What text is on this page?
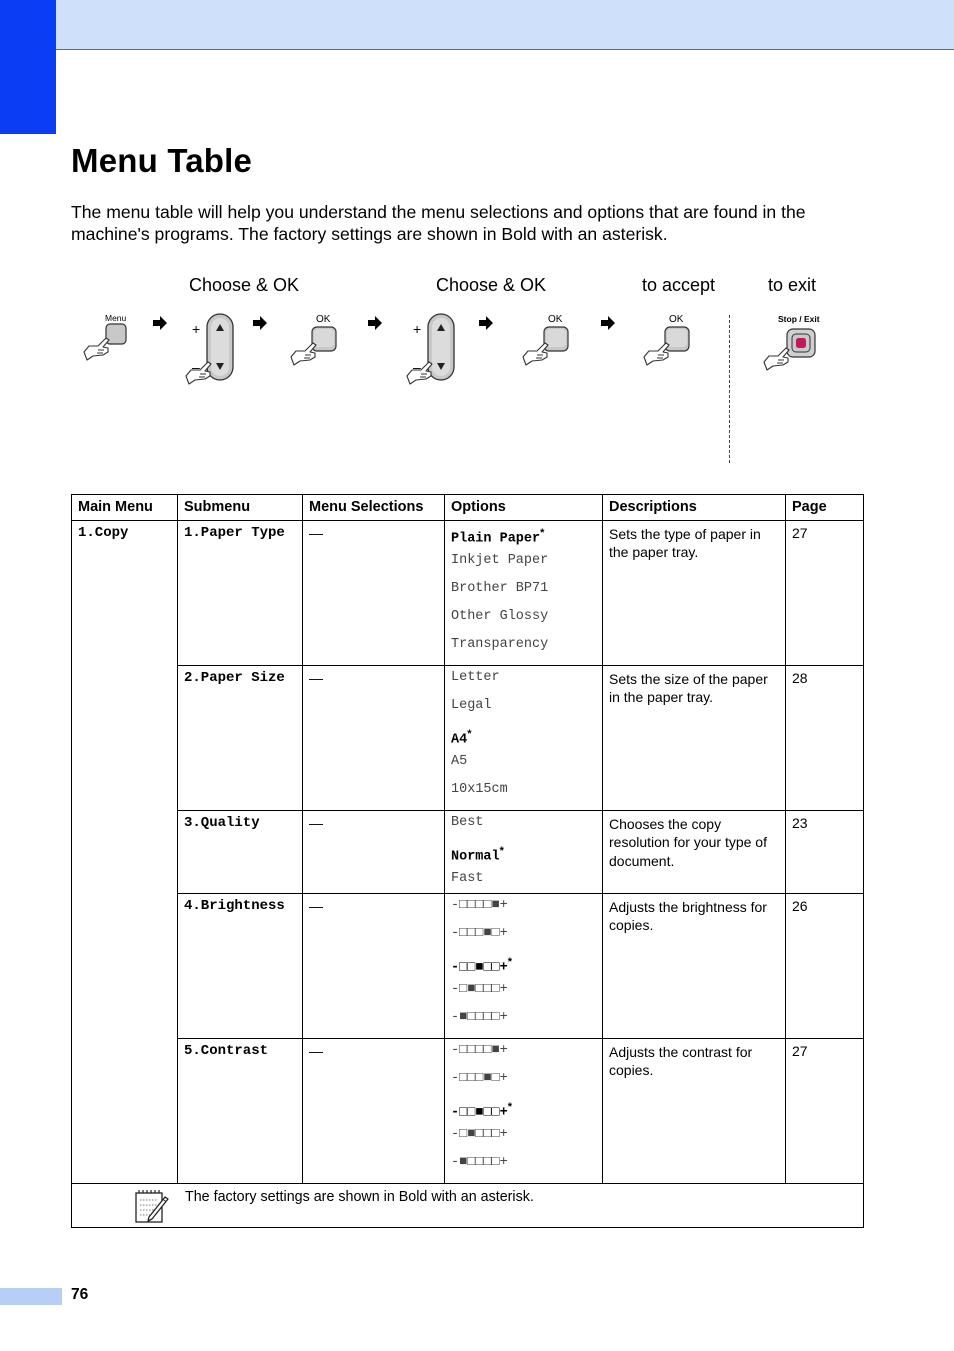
Menu Table

The menu table will help you understand the menu selections and options that are found in the machine's programs. The factory settings are shown in Bold with an asterisk.

Choose & OK	Choose & OK	to accept	to exit
Menu
+
–
OK
+
–
OK	OK	Stop / Exit
Main Menu	Submenu	Menu Selections	Options	Descriptions	Page
1.Copy	1.Paper Type	—	Plain Paper*
Inkjet Paper
Brother BP71
Other Glossy
Transparency	Sets the type of paper in the paper tray.	27
	2.Paper Size	—	Letter
Legal
A4*
A5
10x15cm	Sets the size of the paper in the paper tray.	28
	3.Quality	—	Best
Normal*
Fast	Chooses the copy resolution for your type of document.	23
	4.Brightness	—	-□□□□■+
-□□□■□+
-□□■□□+*
-□■□□□+
-■□□□□+	Adjusts the brightness for copies.	26
	5.Contrast	—	-□□□□■+
-□□□■□+
-□□■□□+*
-□■□□□+
-■□□□□+	Adjusts the contrast for copies.	27

The factory settings are shown in Bold with an asterisk.					
76
